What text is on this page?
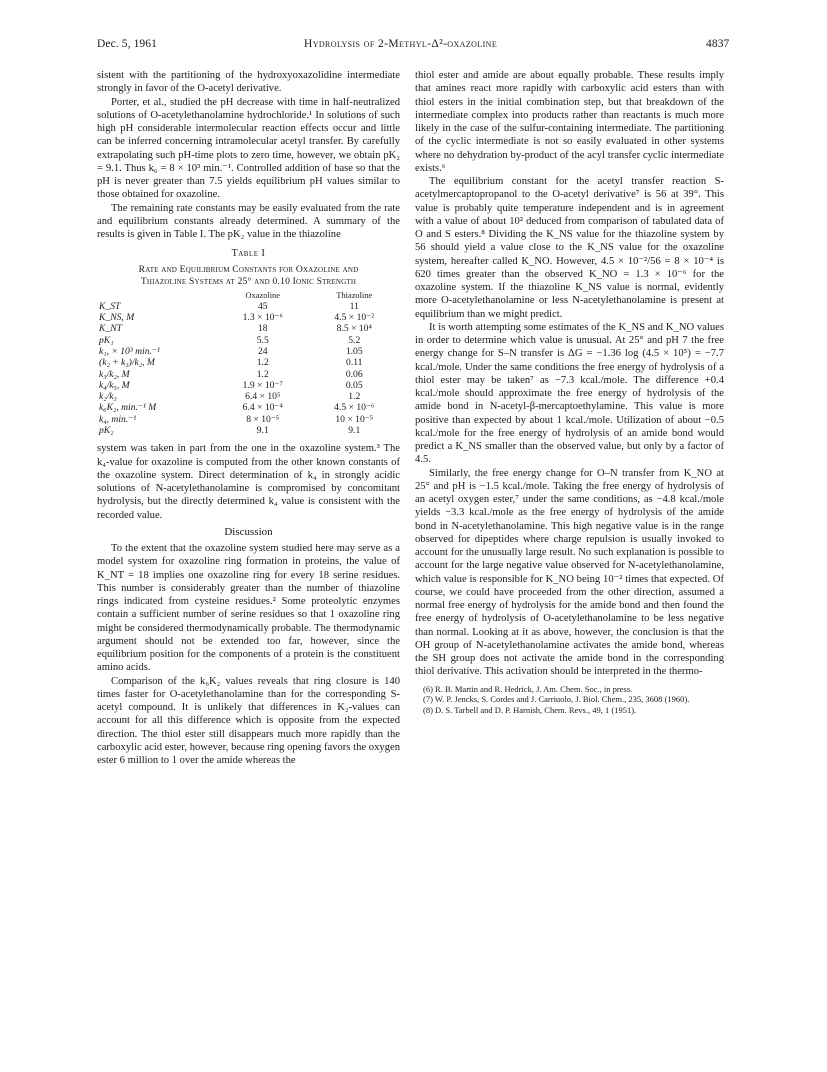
Dec. 5, 1961	Hydrolysis of 2-Methyl-Δ²-oxazoline	4837

sistent with the partitioning of the hydroxyoxazolidine intermediate strongly in favor of the O-acetyl derivative.

Porter, et al., studied the pH decrease with time in half-neutralized solutions of O-acetylethanolamine hydrochloride.¹ In solutions of such high pH considerable intermolecular reaction effects occur and little can be inferred concerning intramolecular acetyl transfer. By carefully extrapolating such pH-time plots to zero time, however, we obtain pK₂ = 9.1. Thus k₆ = 8 × 10³ min.⁻¹. Controlled addition of base so that the pH is never greater than 7.5 yields equilibrium pH values similar to those obtained for oxazoline.

The remaining rate constants may be easily evaluated from the rate and equilibrium constants already determined. A summary of the results is given in Table I. The pK₂ value in the thiazoline

Table I
Rate and Equilibrium Constants for Oxazoline and
Thiazoline Systems at 25° and 0.10 Ionic Strength
	Oxazoline	Thiazoline
K_ST	45	11
K_NS, M	1.3 × 10⁻⁶	4.5 × 10⁻²
K_NT	18	8.5 × 10⁴
pK₁	5.5	5.2
k₁, × 10³ min.⁻¹	24	1.05
(k₂ + k₃)/k₂, M	1.2	0.11
k₃/k₂, M	1.2	0.06
k₄/k₅, M	1.9 × 10⁻⁷	0.05
k₂/k₃	6.4 × 10⁵	1.2
k₆K₂, min.⁻¹ M	6.4 × 10⁻⁴	4.5 × 10⁻⁶
k₄, min.⁻¹	8 × 10⁻⁵	10 × 10⁻⁵
pK₂	9.1	9.1

system was taken in part from the one in the oxazoline system.³ The k₄-value for oxazoline is computed from the other known constants of the oxazoline system. Direct determination of k₄ in strongly acidic solutions of N-acetylethanolamine is compromised by concomitant hydrolysis, but the directly determined k₄ value is consistent with the recorded value.

Discussion

To the extent that the oxazoline system studied here may serve as a model system for oxazoline ring formation in proteins, the value of K_NT = 18 implies one oxazoline ring for every 18 serine residues. This number is considerably greater than the number of thiazoline rings indicated from cysteine residues.² Some proteolytic enzymes contain a sufficient number of serine residues so that 1 oxazoline ring might be considered thermodynamically probable. The thermodynamic argument should not be extended too far, however, since the equilibrium position for the components of a protein is the constituent amino acids.

Comparison of the k₆K₂ values reveals that ring closure is 140 times faster for O-acetylethanolamine than for the corresponding S-acetyl compound. It is unlikely that differences in K₂-values can account for all this difference which is opposite from the expected direction. The thiol ester still disappears much more rapidly than the carboxylic acid ester, however, because ring opening favors the oxygen ester 6 million to 1 over the amide whereas the

thiol ester and amide are about equally probable. These results imply that amines react more rapidly with carboxylic acid esters than with thiol esters in the initial combination step, but that breakdown of the intermediate complex into products rather than reactants is much more likely in the case of the sulfur-containing intermediate. The partitioning of the cyclic intermediate is not so easily evaluated in other systems where no dehydration by-product of the acyl transfer cyclic intermediate exists.⁶

The equilibrium constant for the acetyl transfer reaction S-acetylmercaptopropanol to the O-acetyl derivative⁷ is 56 at 39°. This value is probably quite temperature independent and is in agreement with a value of about 10² deduced from comparison of tabulated data of O and S esters.⁸ Dividing the K_NS value for the thiazoline system by 56 should yield a value close to the K_NS value for the oxazoline system, hereafter called K_NO. However, 4.5 × 10⁻²/56 = 8 × 10⁻⁴ is 620 times greater than the observed K_NO = 1.3 × 10⁻⁶ for the oxazoline system. If the thiazoline K_NS value is normal, evidently more O-acetylethanolamine or less N-acetylethanolamine is present at equilibrium than we might predict.

It is worth attempting some estimates of the K_NS and K_NO values in order to determine which value is unusual. At 25° and pH 7 the free energy change for S–N transfer is ΔG = −1.36 log (4.5 × 10⁵) = −7.7 kcal./mole. Under the same conditions the free energy of hydrolysis of a thiol ester may be taken⁷ as −7.3 kcal./mole. The difference +0.4 kcal./mole should approximate the free energy of hydrolysis of the amide bond in N-acetyl-β-mercaptoethylamine. This value is more positive than expected by about 1 kcal./mole. Utilization of about −0.5 kcal./mole for the free energy of hydrolysis of an amide bond would predict a K_NS smaller than the observed value, but only by a factor of 4.5.

Similarly, the free energy change for O–N transfer from K_NO at 25° and pH is −1.5 kcal./mole. Taking the free energy of hydrolysis of an acetyl oxygen ester,⁷ under the same conditions, as −4.8 kcal./mole yields −3.3 kcal./mole as the free energy of hydrolysis of the amide bond in N-acetylethanolamine. This high negative value is in the range observed for dipeptides where charge repulsion is usually invoked to account for the unusually large result. No such explanation is possible to account for the large negative value observed for N-acetylethanolamine, which value is responsible for K_NO being 10⁻² times that expected. Of course, we could have proceeded from the other direction, assumed a normal free energy of hydrolysis for the amide bond and then found the free energy of hydrolysis of O-acetylethanolamine to be less negative than normal. Looking at it as above, however, the conclusion is that the OH group of N-acetylethanolamine activates the amide bond, whereas the SH group does not activate the amide bond in the corresponding thiol derivative. This activation should be interpreted in the thermo-

(6) R. B. Martin and R. Hedrick, J. Am. Chem. Soc., in press.
(7) W. P. Jencks, S. Cordes and J. Carriuolo, J. Biol. Chem., 235, 3608 (1960).
(8) D. S. Tarbell and D. P. Harnish, Chem. Revs., 49, 1 (1951).
